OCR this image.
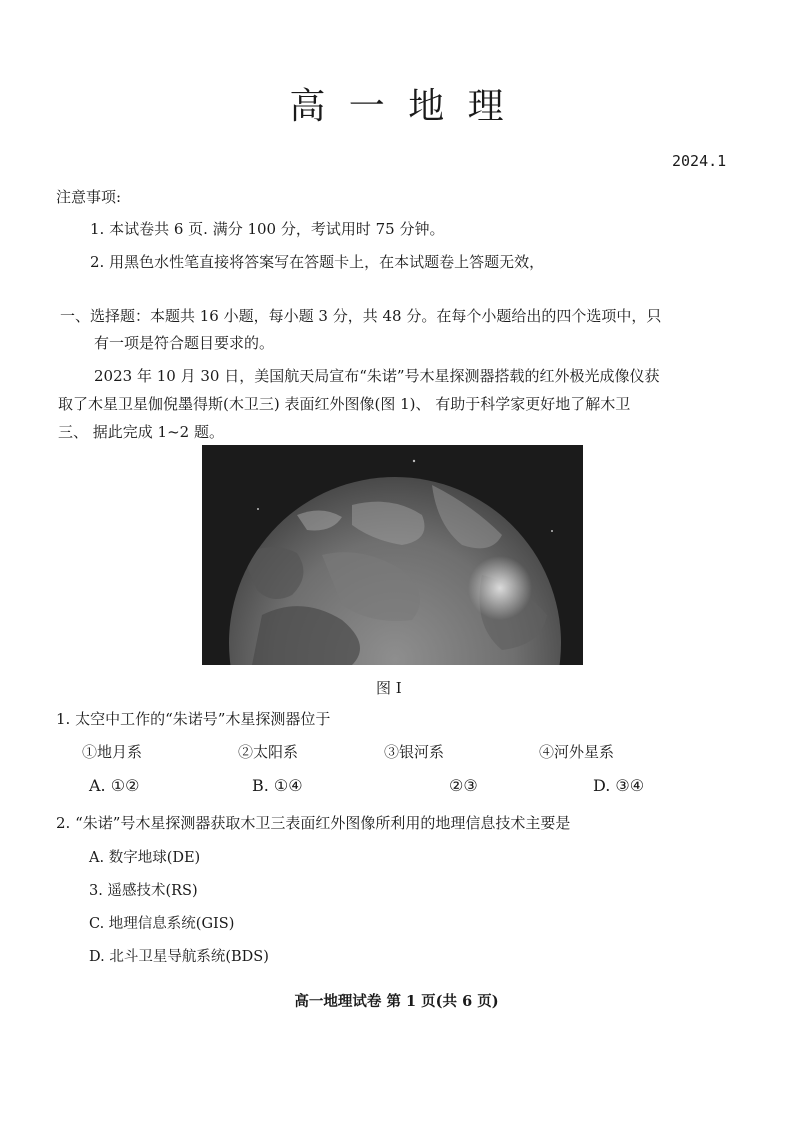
高 一 地 理
2024.1
注意事项:
1. 本试卷共 6 页. 满分 100 分，考试用时 75 分钟。
2. 用黑色水性笔直接将答案写在答题卡上，在本试题卷上答题无效，
一、选择题：本题共 16 小题，每小题 3 分，共 48 分。在每个小题给出的四个选项中，只
有一项是符合题目要求的。
2023 年 10 月 30 日，美国航天局宣布“朱诺”号木星探测器搭载的红外极光成像仪获
取了木星卫星伽倪墨得斯(木卫三) 表面红外图像(图 1)、 有助于科学家更好地了解木卫
三、 据此完成 1~2 题。
图 I
1. 太空中工作的“朱诺号”木星探测器位于
①地月系	②太阳系	③银河系	④河外星系
A. ①②	B. ①④	②③	D. ③④
2. “朱诺”号木星探测器获取木卫三表面红外图像所利用的地理信息技术主要是
A. 数字地球(DE)
3. 遥感技术(RS)
C. 地理信息系统(GIS)
D. 北斗卫星导航系统(BDS)
高一地理试卷 第 1 页(共 6 页)
